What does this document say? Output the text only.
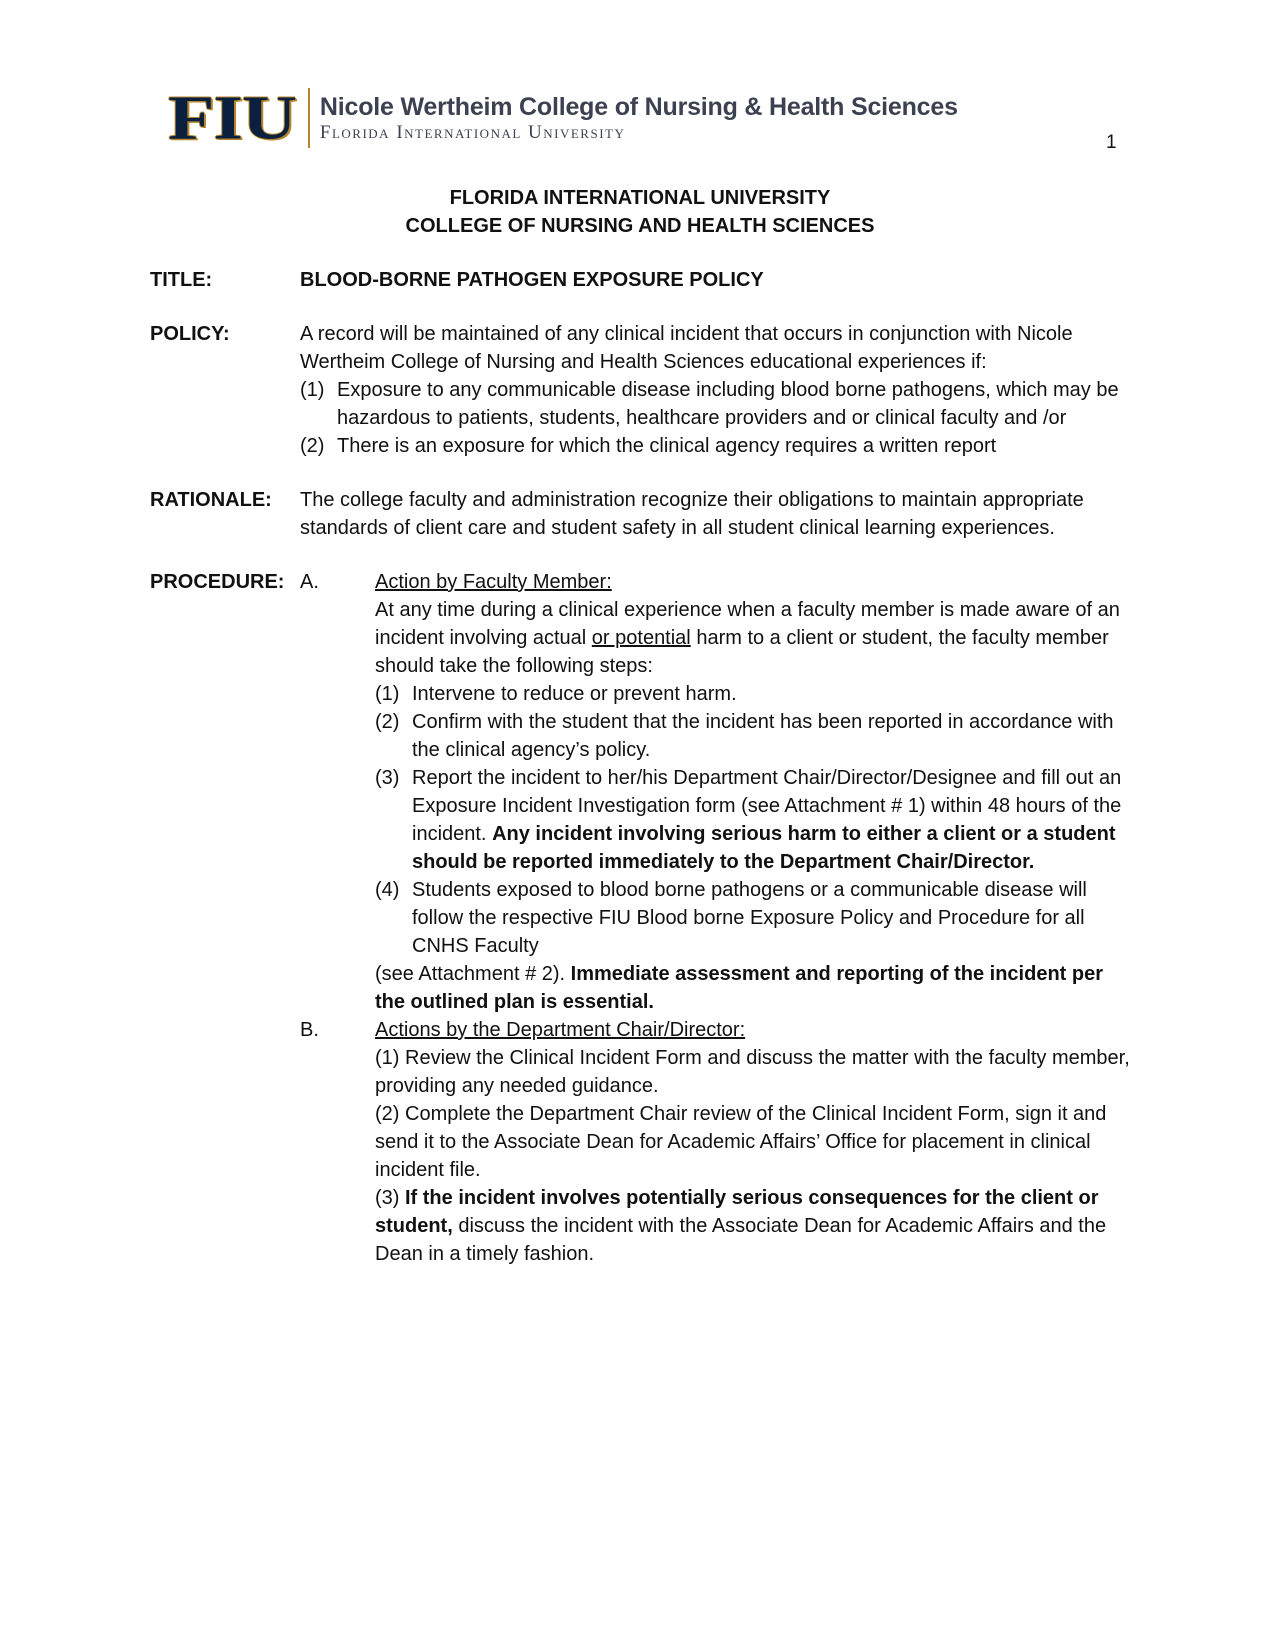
FIU Nicole Wertheim College of Nursing & Health Sciences
Florida International University	1
FLORIDA INTERNATIONAL UNIVERSITY
COLLEGE OF NURSING AND HEALTH SCIENCES
TITLE:	BLOOD-BORNE PATHOGEN EXPOSURE POLICY
POLICY:	A record will be maintained of any clinical incident that occurs in conjunction with Nicole Wertheim College of Nursing and Health Sciences educational experiences if:
(1) Exposure to any communicable disease including blood borne pathogens, which may be hazardous to patients, students, healthcare providers and or clinical faculty and /or
(2) There is an exposure for which the clinical agency requires a written report
RATIONALE:	The college faculty and administration recognize their obligations to maintain appropriate standards of client care and student safety in all student clinical learning experiences.
PROCEDURE: A.	Action by Faculty Member:
At any time during a clinical experience when a faculty member is made aware of an incident involving actual or potential harm to a client or student, the faculty member should take the following steps:
(1) Intervene to reduce or prevent harm.
(2) Confirm with the student that the incident has been reported in accordance with the clinical agency’s policy.
(3) Report the incident to her/his Department Chair/Director/Designee and fill out an Exposure Incident Investigation form (see Attachment # 1) within 48 hours of the incident. Any incident involving serious harm to either a client or a student should be reported immediately to the Department Chair/Director.
(4) Students exposed to blood borne pathogens or a communicable disease will follow the respective FIU Blood borne Exposure Policy and Procedure for all CNHS Faculty
(see Attachment # 2). Immediate assessment and reporting of the incident per the outlined plan is essential.
B.	Actions by the Department Chair/Director:
(1) Review the Clinical Incident Form and discuss the matter with the faculty member, providing any needed guidance.
(2) Complete the Department Chair review of the Clinical Incident Form, sign it and send it to the Associate Dean for Academic Affairs’ Office for placement in clinical incident file.
(3) If the incident involves potentially serious consequences for the client or student, discuss the incident with the Associate Dean for Academic Affairs and the Dean in a timely fashion.
